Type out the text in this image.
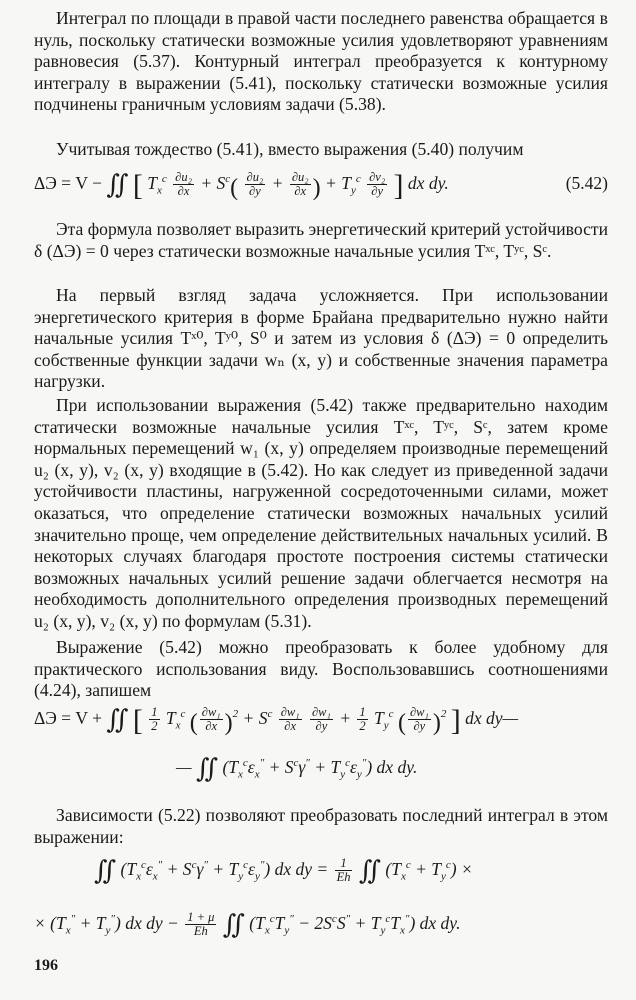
Интеграл по площади в правой части последнего равенства обращается в нуль, поскольку статически возможные усилия удовлетворяют уравнениям равновесия (5.37). Контурный интеграл преобразуется к контурному интегралу в выражении (5.41), поскольку статически возможные усилия подчинены граничным условиям задачи (5.38).

Учитывая тождество (5.41), вместо выражения (5.40) получим

ΔЭ = V − ∬ [ $T_x^c \frac{\text{∂u₂}}{\partial x} + S^c( \frac{\text{∂u₂}}{\partial y} + \frac{\text{∂u₂}}{\partial x}$ ) + $T_y^c \frac{\text{∂v₂}}{\partial y}$ ] dx dy.	(5.42)

Эта формула позволяет выразить энергетический критерий устойчивости δ (ΔЭ) = 0 через статически возможные начальные усилия Tˣᶜ, Tʸᶜ, Sᶜ.

На первый взгляд задача усложняется. При использовании энергетического критерия в форме Брайана предварительно нужно найти начальные усилия Tˣ⁰, Tʸ⁰, S⁰ и затем из условия δ (ΔЭ) = 0 определить собственные функции задачи wₙ (x, y) и собственные значения параметра нагрузки.

При использовании выражения (5.42) также предварительно находим статически возможные начальные усилия Tˣᶜ, Tʸᶜ, Sᶜ, затем кроме нормальных перемещений w₁ (x, y) определяем производные перемещений u₂ (x, y), v₂ (x, y) входящие в (5.42). Но как следует из приведенной задачи устойчивости пластины, нагруженной сосредоточенными силами, может оказаться, что определение статически возможных начальных усилий значительно проще, чем определение действительных начальных усилий. В некоторых случаях благодаря простоте построения системы статически возможных начальных усилий решение задачи облегчается несмотря на необходимость дополнительного определения производных перемещений u₂ (x, y), v₂ (x, y) по формулам (5.31).

Выражение (5.42) можно преобразовать к более удобному для практического использования виду. Воспользовавшись соотношениями (4.24), запишем

ΔЭ = V + ∬ [ $\frac{1}{2} T_x^c$ ( $\frac{\text{∂w₁}}{\partial x} )^2 + S^c \frac{\text{∂w₁}}{\partial x}$
$\frac{\text{∂w₁}}{\partial y} + \frac{1}{2} T_y^c$ ( $\frac{\text{∂w₁}}{\partial y} )^2$ ] dx dy—
— ∬ $(T_x^c\varepsilon_x'' + S^c\gamma'' + T_y^c\varepsilon_y'')$ dx dy.

Зависимости (5.22) позволяют преобразовать последний интеграл в этом выражении:

∬ $(T_x^c\varepsilon_x'' + S^c\gamma'' + T_y^c\varepsilon_y'')$ dx dy = $\frac{1}{Eh}$ ∬ $(T_x^c + T_y^c)$ ×
× $(T_x'' + T_y'')$ dx dy − $\frac{1 + \mu}{Eh}$ ∬ $(T_x^cT_y'' - 2S^cS'' + T_y^cT_x'')$ dx dy.
196
